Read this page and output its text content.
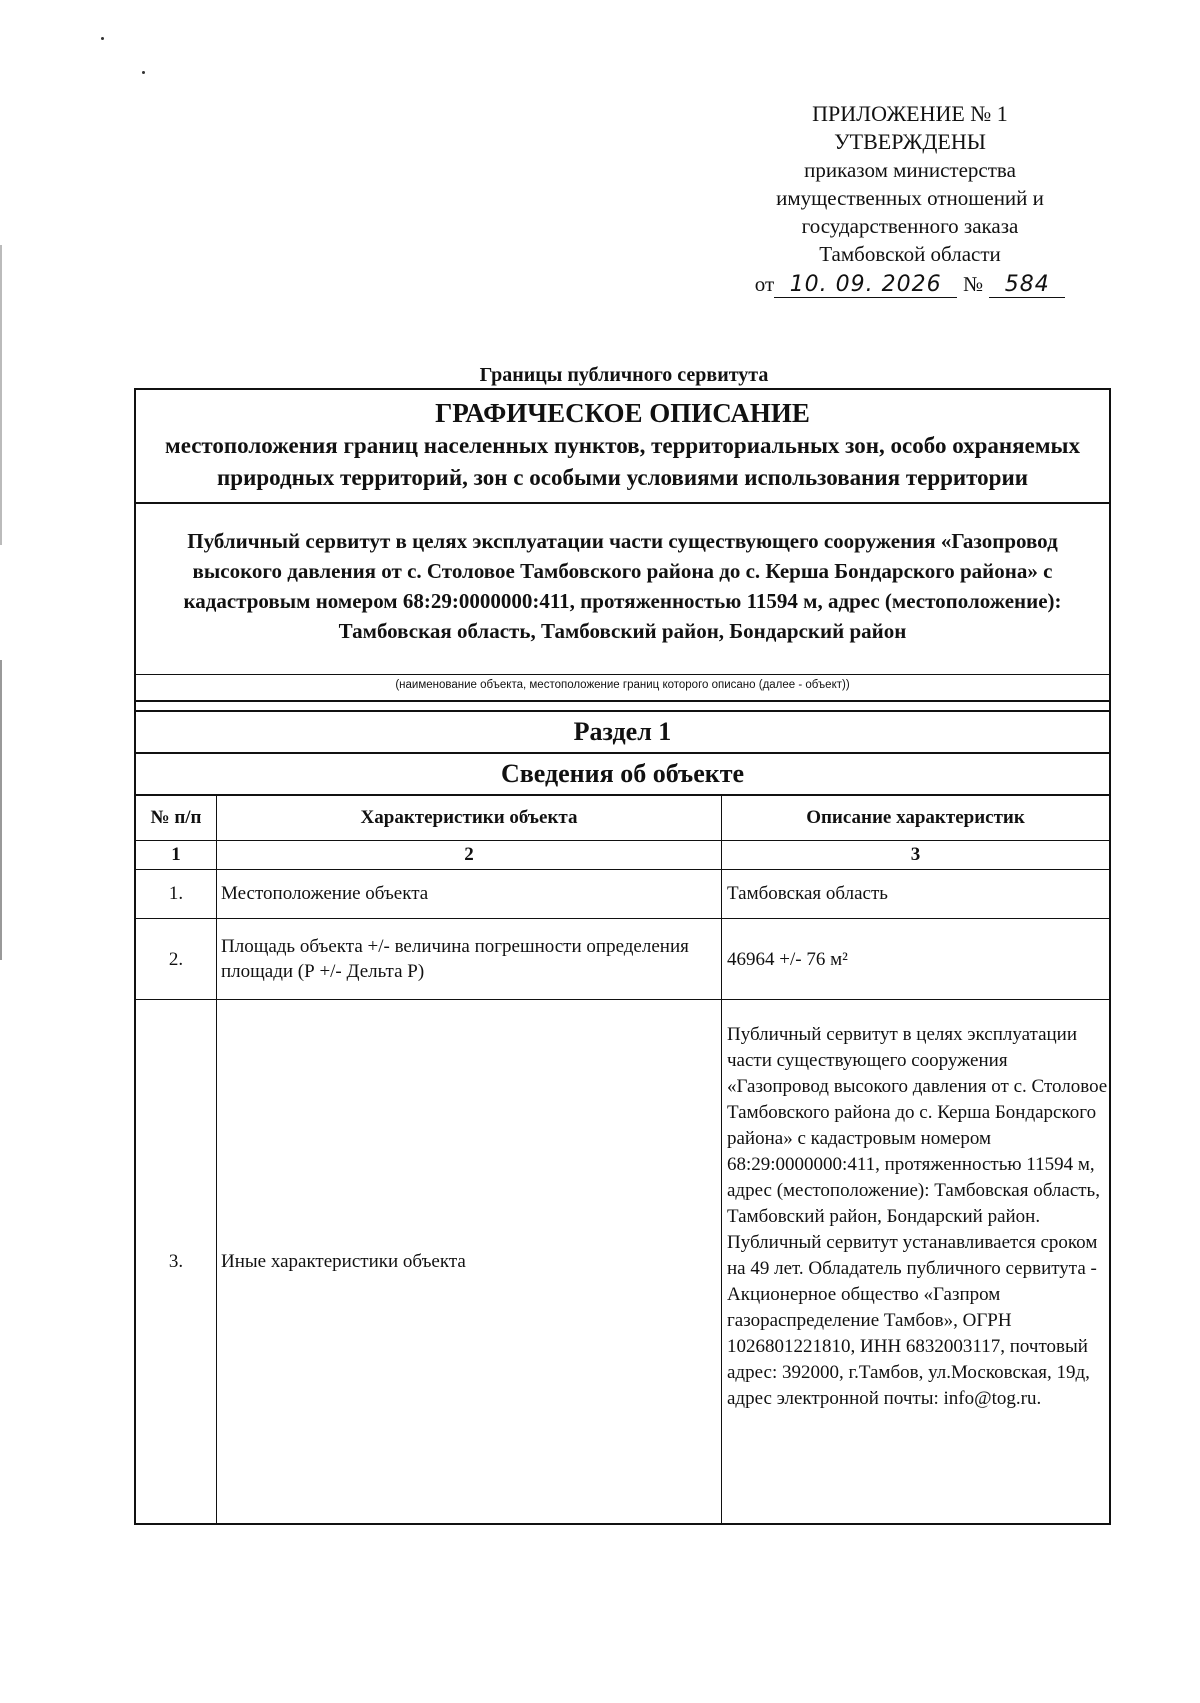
ПРИЛОЖЕНИЕ № 1
УТВЕРЖДЕНЫ
приказом министерства
имущественных отношений и
государственного заказа
Тамбовской области
от 10. 09. 2026	№ 584
Границы публичного сервитута
ГРАФИЧЕСКОЕ ОПИСАНИЕ
местоположения границ населенных пунктов, территориальных зон, особо охраняемых природных территорий, зон с особыми условиями использования территории
Публичный сервитут в целях эксплуатации части существующего сооружения «Газопровод высокого давления от с. Столовое Тамбовского района до с. Керша Бондарского района» с кадастровым номером 68:29:0000000:411, протяженностью 11594 м, адрес (местоположение): Тамбовская область, Тамбовский район, Бондарский район
(наименование объекта, местоположение границ которого описано (далее - объект))
Раздел 1
Сведения об объекте
№ п/п	Характеристики объекта	Описание характеристик
1	2	3
1.	Местоположение объекта	Тамбовская область
2.	Площадь объекта +/- величина погрешности определения площади (Р +/- Дельта Р)	46964 +/- 76 м²
3.	Иные характеристики объекта	Публичный сервитут в целях эксплуатации части существующего сооружения «Газопровод высокого давления от с. Столовое Тамбовского района до с. Керша Бондарского района» с кадастровым номером 68:29:0000000:411, протяженностью 11594 м, адрес (местоположение): Тамбовская область, Тамбовский район, Бондарский район. Публичный сервитут устанавливается сроком на 49 лет. Обладатель публичного сервитута - Акционерное общество «Газпром газораспределение Тамбов», ОГРН 1026801221810, ИНН 6832003117, почтовый адрес: 392000, г.Тамбов, ул.Московская, 19д, адрес электронной почты: info@tog.ru.
